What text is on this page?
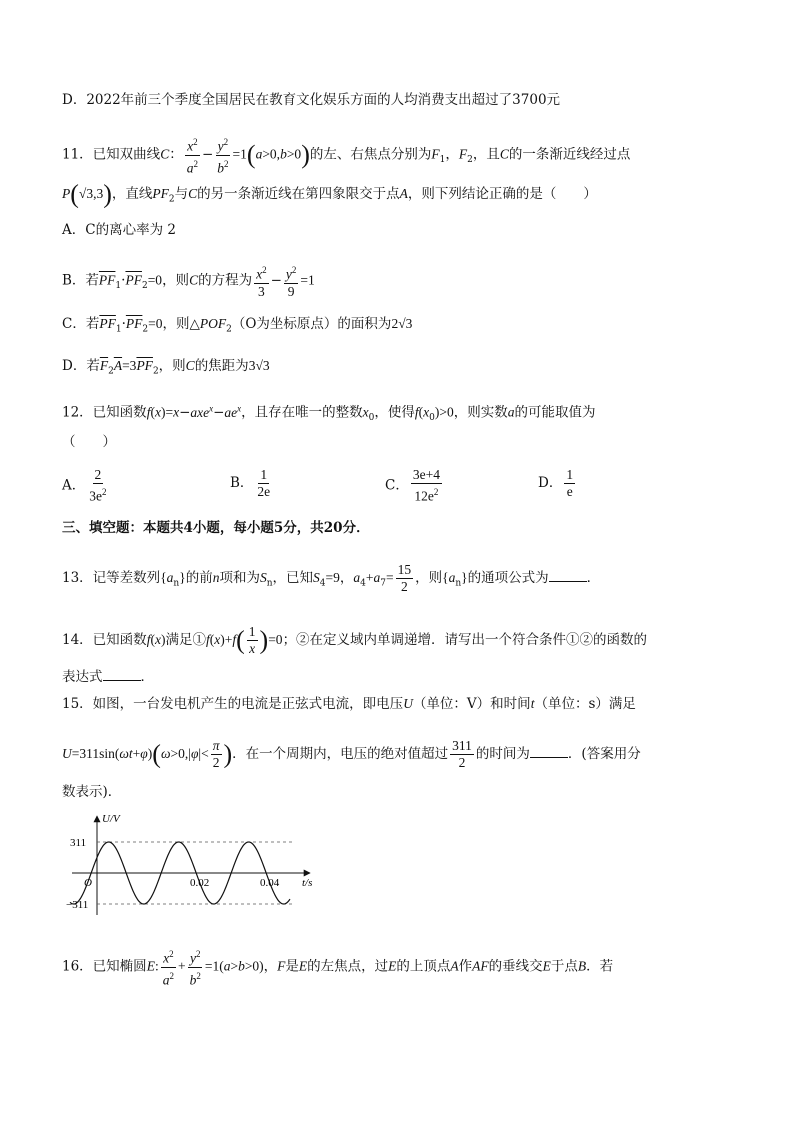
D．2022年前三个季度全国居民在教育文化娱乐方面的人均消费支出超过了3700元
11．已知双曲线C： $\frac{x^2}{a^2} - \frac{y^2}{b^2} =1(a>0,b>0)$的左、右焦点分别为$F_1$，$F_2$，且C的一条渐近线经过点
P(√3,3)，直线$PF_2$与C的另一条渐近线在第四象限交于点A，则下列结论正确的是（　　）
A．C的离心率为 2
B．若$\overline{PF}_1\cdot\overline{PF}_2=0$，则C的方程为 $\frac{x^2}{3} - \frac{y^2}{9} =1$
C．若$\overline{PF}_1\cdot\overline{PF}_2=0$，则$\triangle POF_2(O$为坐标原点）的面积为2√3
D．若$\overline{F}_2\overline{A}=3\overline{PF}_2$，则C的焦距为3√3
12．已知函数$f(x)=x-axe^x-ae^x$，且存在唯一的整数$x_0$，使得$f(x_0)>0$，则实数a的可能取值为
（　　）
A． $\frac{2}{3e^2}$	B． $\frac{1}{2e}$	C． $\frac{3e+4}{12e^2}$	D． $\frac{1}{e}$
三、填空题：本题共4小题，每小题5分，共20分．
13．记等差数列$\{a_n\}$的前n项和为$S_n$，已知$S_4=9$，$a_4+a_7= \frac{15}{2}$ ，则$\{a_n\}$的通项公式为	．
14．已知函数f(x)满足①f(x)+f( $\frac{1}{x} )=0$；②在定义域内单调递增．请写出一个符合条件①②的函数的
表达式	．
15．如图，一台发电机产生的电流是正弦式电流，即电压U（单位：V）和时间t（单位：s）满足
$U=311\sin(\omega t+\varphi)(\omega>0,|\varphi|< \frac{\pi}{2}$ )．在一个周期内，电压的绝对值超过 $\frac{311}{2}$ 的时间为	．(答案用分
数表示)．
U/V
t/s
311
−311
O	0.02	0.04
16．已知椭圆E: $\frac{x^2}{a^2} + \frac{y^2}{b^2} =1(a>b>0)$，F是E的左焦点，过E的上顶点A作AF的垂线交E于点B．若
